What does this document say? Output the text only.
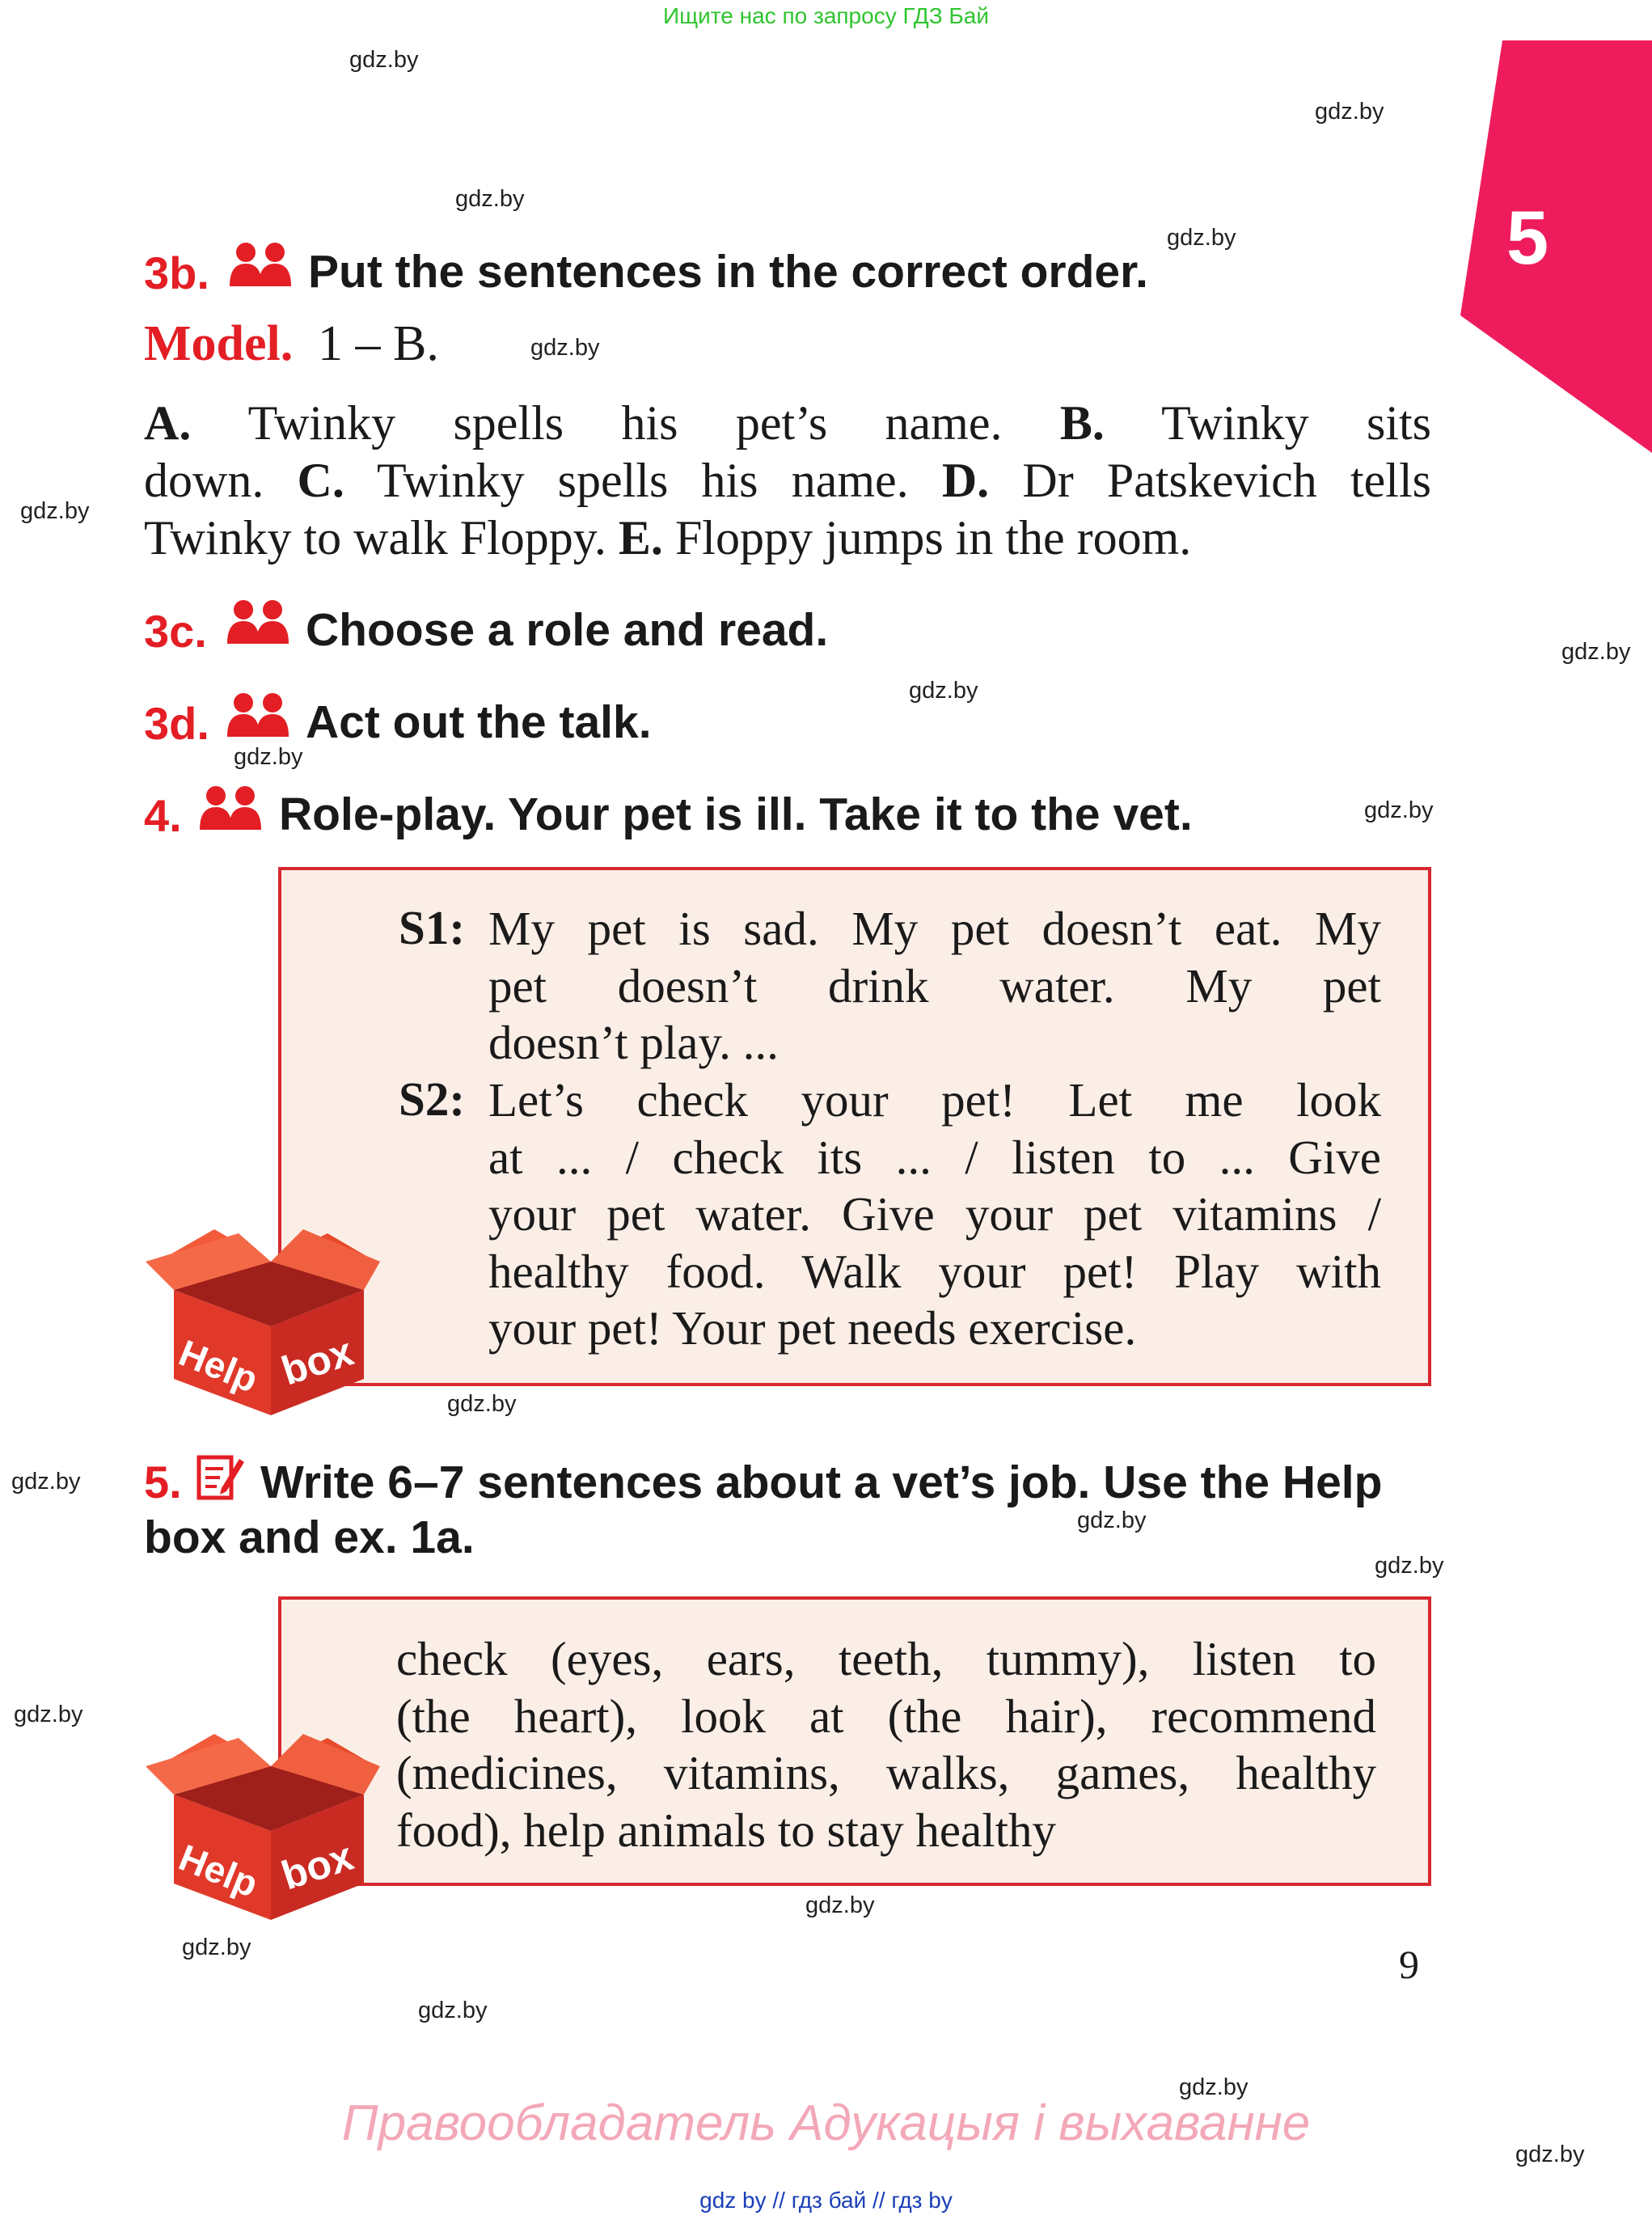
Ищите нас по запросу ГДЗ Бай
gdz.by
gdz.by
gdz.by
gdz.by
gdz.by
gdz.by
gdz.by
gdz.by
gdz.by
gdz.by
gdz.by
gdz.by
gdz.by
gdz.by
gdz.by
gdz.by
gdz.by
gdz.by
gdz.by
gdz.by
5
3b. Put the sentences in the correct order.
Model. 1 – B.
A. Twinky spells his pet’s name. B. Twinky sits
down. C. Twinky spells his name. D. Dr Patskevich tells
Twinky to walk Floppy. E. Floppy jumps in the room.
3c. Choose a role and read.
3d. Act out the talk.
4. Role-play. Your pet is ill. Take it to the vet.
S1: My pet is sad. My pet doesn’t eat. My
pet doesn’t drink water. My pet
doesn’t play. ...
S2: Let’s check your pet! Let me look
at ... / check its ... / listen to ... Give
your pet water. Give your pet vitamins /
healthy food. Walk your pet! Play with
your pet! Your pet needs exercise.
Help box
5. Write 6–7 sentences about a vet’s job. Use the Help
box and ex. 1a.
check (eyes, ears, teeth, tummy), listen to
(the heart), look at (the hair), recommend
(medicines, vitamins, walks, games, healthy
food), help animals to stay healthy
Help box
9
Правообладатель Адукацыя і выхаванне
gdz by // гдз бай // гдз by
